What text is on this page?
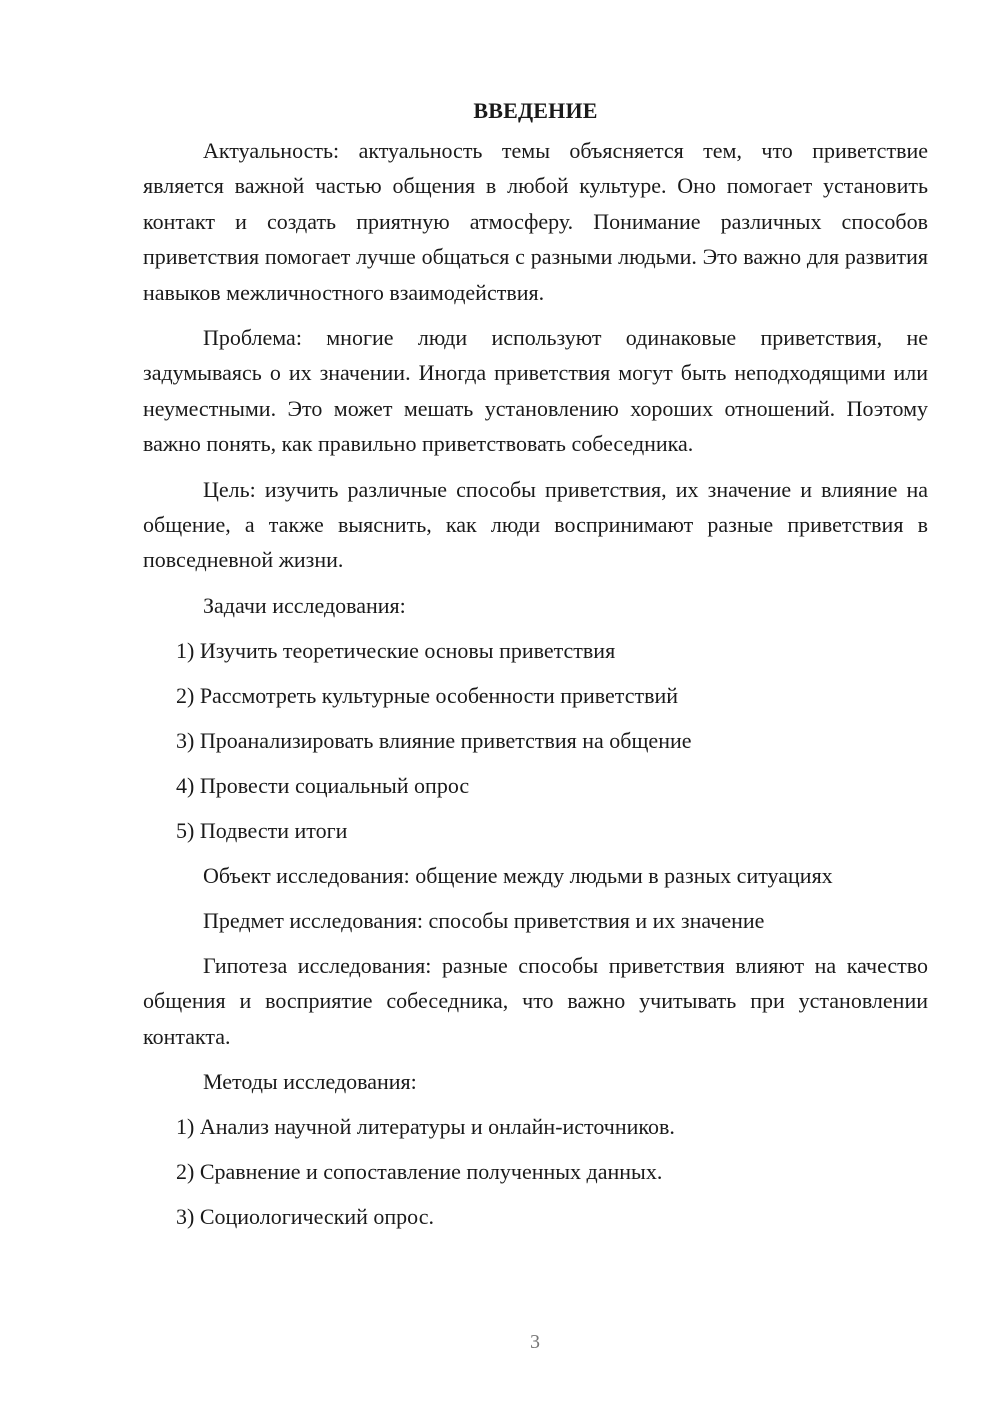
ВВЕДЕНИЕ

Актуальность: актуальность темы объясняется тем, что приветствие является важной частью общения в любой культуре. Оно помогает установить контакт и создать приятную атмосферу. Понимание различных способов приветствия помогает лучше общаться с разными людьми. Это важно для развития навыков межличностного взаимодействия.

Проблема: многие люди используют одинаковые приветствия, не задумываясь о их значении. Иногда приветствия могут быть неподходящими или неуместными. Это может мешать установлению хороших отношений. Поэтому важно понять, как правильно приветствовать собеседника.

Цель: изучить различные способы приветствия, их значение и влияние на общение, а также выяснить, как люди воспринимают разные приветствия в повседневной жизни.

Задачи исследования:

1) Изучить теоретические основы приветствия
2) Рассмотреть культурные особенности приветствий
3) Проанализировать влияние приветствия на общение
4) Провести социальный опрос
5) Подвести итоги

Объект исследования: общение между людьми в разных ситуациях

Предмет исследования: способы приветствия и их значение

Гипотеза исследования: разные способы приветствия влияют на качество общения и восприятие собеседника, что важно учитывать при установлении контакта.

Методы исследования:

1) Анализ научной литературы и онлайн-источников.
2) Сравнение и сопоставление полученных данных.
3) Социологический опрос.
3
